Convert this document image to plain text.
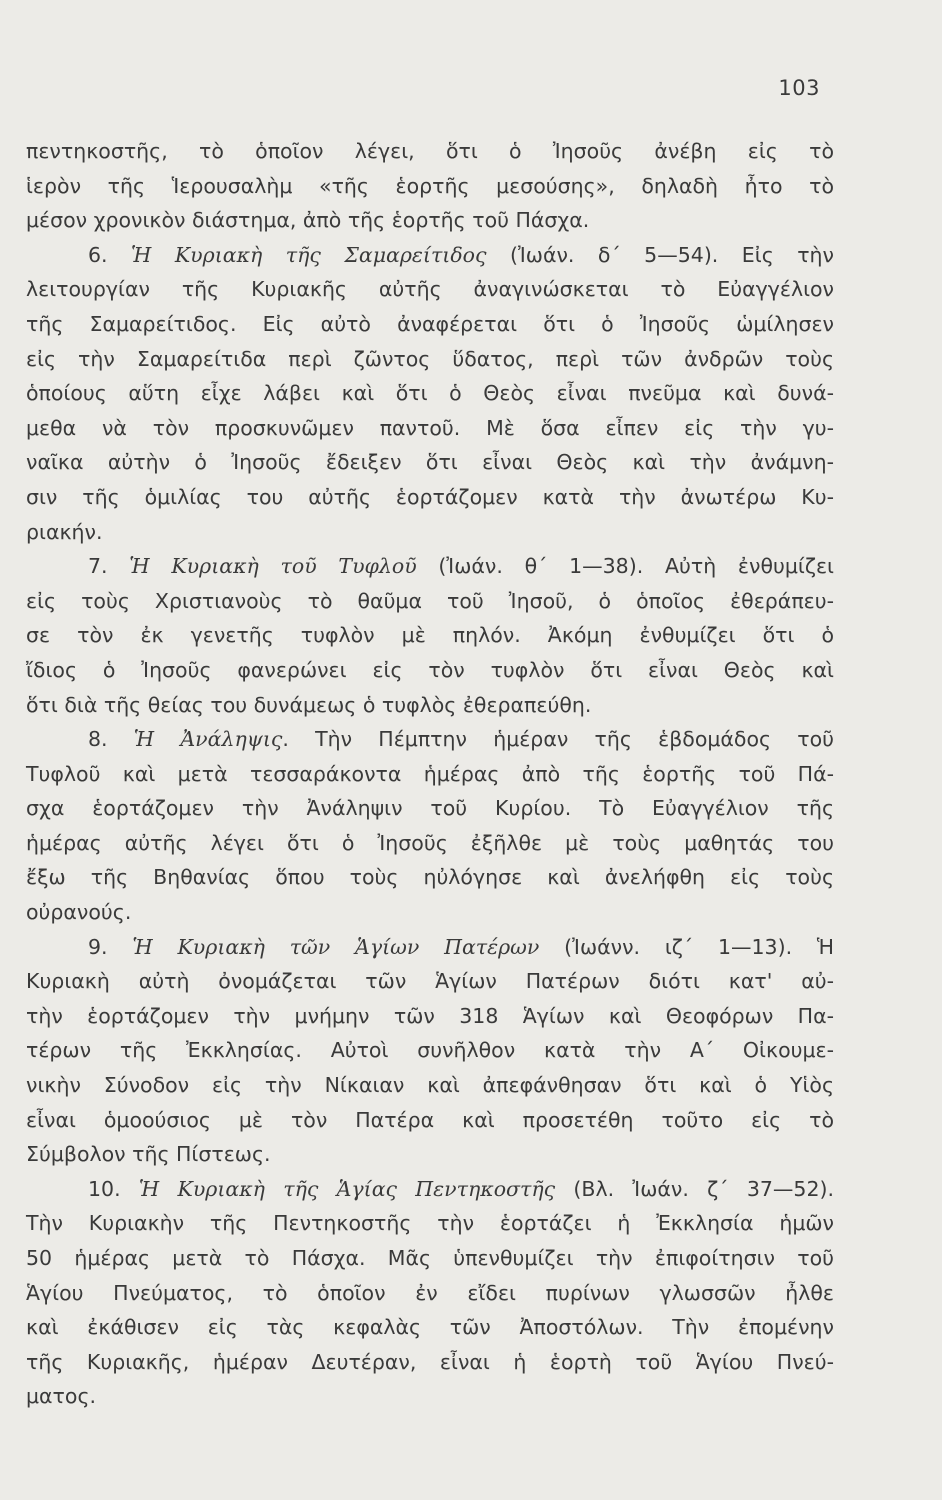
103
πεντηκοστῆς, τὸ ὁποῖον λέγει, ὅτι ὁ Ἰησοῦς ἀνέβη εἰς τὸ
ἱερὸν τῆς Ἱερουσαλὴμ «τῆς ἑορτῆς μεσούσης», δηλαδὴ ἦτο τὸ
μέσον χρονικὸν διάστημα, ἀπὸ τῆς ἑορτῆς τοῦ Πάσχα.
6. Ἡ Κυριακὴ τῆς Σαμαρείτιδος (Ἰωάν. δ΄ 5—54). Εἰς τὴν
λειτουργίαν τῆς Κυριακῆς αὐτῆς ἀναγινώσκεται τὸ Εὐαγγέλιον
τῆς Σαμαρείτιδος. Εἰς αὐτὸ ἀναφέρεται ὅτι ὁ Ἰησοῦς ὡμίλησεν
εἰς τὴν Σαμαρείτιδα περὶ ζῶντος ὕδατος, περὶ τῶν ἀνδρῶν τοὺς
ὁποίους αὕτη εἶχε λάβει καὶ ὅτι ὁ Θεὸς εἶναι πνεῦμα καὶ δυνά-
μεθα νὰ τὸν προσκυνῶμεν παντοῦ. Μὲ ὅσα εἶπεν εἰς τὴν γυ-
ναῖκα αὐτὴν ὁ Ἰησοῦς ἔδειξεν ὅτι εἶναι Θεὸς καὶ τὴν ἀνάμνη-
σιν τῆς ὁμιλίας του αὐτῆς ἑορτάζομεν κατὰ τὴν ἀνωτέρω Κυ-
ριακήν.
7. Ἡ Κυριακὴ τοῦ Τυφλοῦ (Ἰωάν. θ΄ 1—38). Αὐτὴ ἐνθυμίζει
εἰς τοὺς Χριστιανοὺς τὸ θαῦμα τοῦ Ἰησοῦ, ὁ ὁποῖος ἐθεράπευ-
σε τὸν ἐκ γενετῆς τυφλὸν μὲ πηλόν. Ἀκόμη ἐνθυμίζει ὅτι ὁ
ἴδιος ὁ Ἰησοῦς φανερώνει εἰς τὸν τυφλὸν ὅτι εἶναι Θεὸς καὶ
ὅτι διὰ τῆς θείας του δυνάμεως ὁ τυφλὸς ἐθεραπεύθη.
8. Ἡ Ἀνάληψις. Τὴν Πέμπτην ἡμέραν τῆς ἑβδομάδος τοῦ
Τυφλοῦ καὶ μετὰ τεσσαράκοντα ἡμέρας ἀπὸ τῆς ἑορτῆς τοῦ Πά-
σχα ἑορτάζομεν τὴν Ἀνάληψιν τοῦ Κυρίου. Τὸ Εὐαγγέλιον τῆς
ἡμέρας αὐτῆς λέγει ὅτι ὁ Ἰησοῦς ἐξῆλθε μὲ τοὺς μαθητάς του
ἔξω τῆς Βηθανίας ὅπου τοὺς ηὐλόγησε καὶ ἀνελήφθη εἰς τοὺς
οὐρανούς.
9. Ἡ Κυριακὴ τῶν Ἁγίων Πατέρων (Ἰωάνν. ιζ΄ 1—13). Ἡ
Κυριακὴ αὐτὴ ὀνομάζεται τῶν Ἁγίων Πατέρων διότι κατ' αὐ-
τὴν ἑορτάζομεν τὴν μνήμην τῶν 318 Ἁγίων καὶ Θεοφόρων Πα-
τέρων τῆς Ἐκκλησίας. Αὐτοὶ συνῆλθον κατὰ τὴν Α΄ Οἰκουμε-
νικὴν Σύνοδον εἰς τὴν Νίκαιαν καὶ ἀπεφάνθησαν ὅτι καὶ ὁ Υἱὸς
εἶναι ὁμοούσιος μὲ τὸν Πατέρα καὶ προσετέθη τοῦτο εἰς τὸ
Σύμβολον τῆς Πίστεως.
10. Ἡ Κυριακὴ τῆς Ἁγίας Πεντηκοστῆς (Βλ. Ἰωάν. ζ΄ 37—52).
Τὴν Κυριακὴν τῆς Πεντηκοστῆς τὴν ἑορτάζει ἡ Ἐκκλησία ἡμῶν
50 ἡμέρας μετὰ τὸ Πάσχα. Μᾶς ὑπενθυμίζει τὴν ἐπιφοίτησιν τοῦ
Ἁγίου Πνεύματος, τὸ ὁποῖον ἐν εἴδει πυρίνων γλωσσῶν ἦλθε
καὶ ἐκάθισεν εἰς τὰς κεφαλὰς τῶν Ἀποστόλων. Τὴν ἐπομένην
τῆς Κυριακῆς, ἡμέραν Δευτέραν, εἶναι ἡ ἑορτὴ τοῦ Ἁγίου Πνεύ-
ματος.
